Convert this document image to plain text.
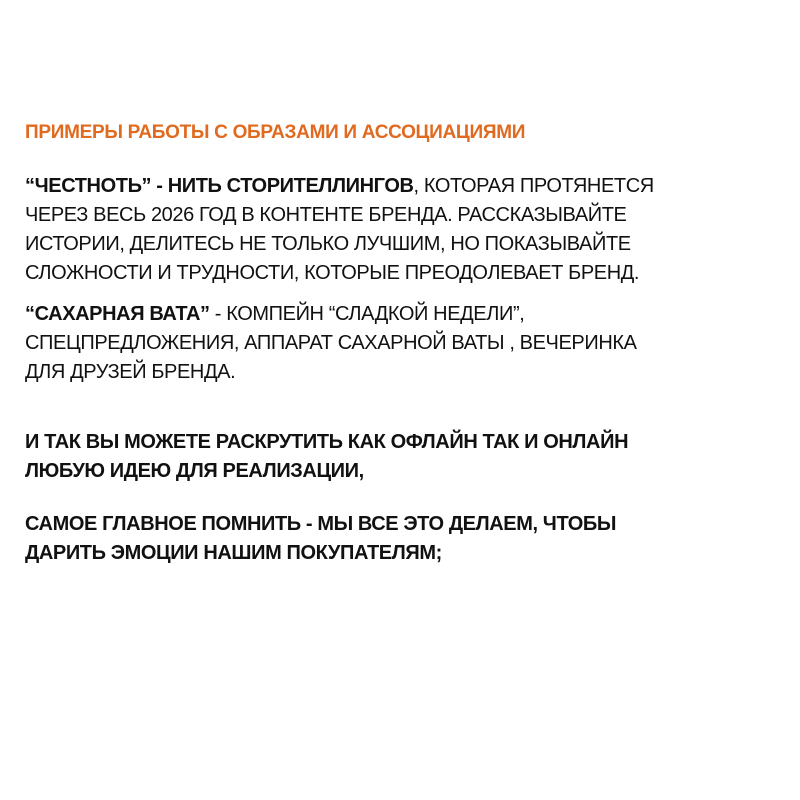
ПРИМЕРЫ РАБОТЫ С ОБРАЗАМИ И АССОЦИАЦИЯМИ
“ЧЕСТНОТЬ” - НИТЬ СТОРИТЕЛЛИНГОВ, КОТОРАЯ ПРОТЯНЕТСЯ
ЧЕРЕЗ ВЕСЬ 2026 ГОД В КОНТЕНТЕ БРЕНДА. РАССКАЗЫВАЙТЕ
ИСТОРИИ, ДЕЛИТЕСЬ НЕ ТОЛЬКО ЛУЧШИМ, НО ПОКАЗЫВАЙТЕ
СЛОЖНОСТИ И ТРУДНОСТИ, КОТОРЫЕ ПРЕОДОЛЕВАЕТ БРЕНД.
“САХАРНАЯ ВАТА” - КОМПЕЙН “СЛАДКОЙ НЕДЕЛИ”,
СПЕЦПРЕДЛОЖЕНИЯ, АППАРАТ САХАРНОЙ ВАТЫ , ВЕЧЕРИНКА
ДЛЯ ДРУЗЕЙ БРЕНДА.
И ТАК ВЫ МОЖЕТЕ РАСКРУТИТЬ КАК ОФЛАЙН ТАК И ОНЛАЙН
ЛЮБУЮ ИДЕЮ ДЛЯ РЕАЛИЗАЦИИ,
САМОЕ ГЛАВНОЕ ПОМНИТЬ - МЫ ВСЕ ЭТО ДЕЛАЕМ, ЧТОБЫ
ДАРИТЬ ЭМОЦИИ НАШИМ ПОКУПАТЕЛЯМ;
